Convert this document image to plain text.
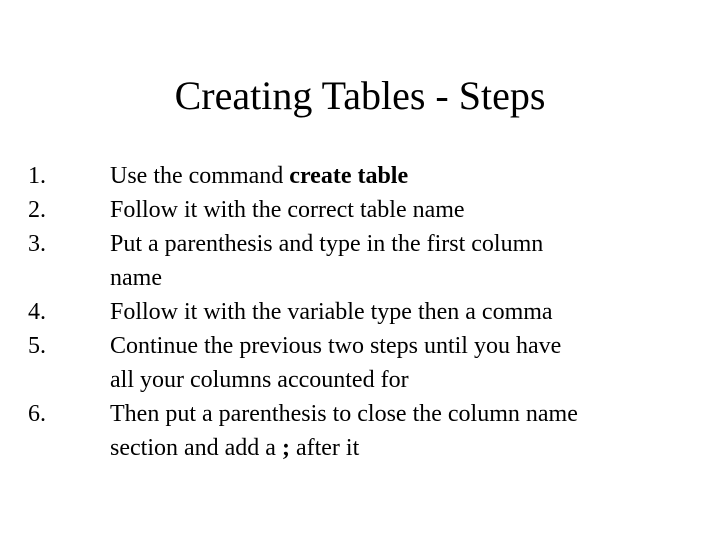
Creating Tables - Steps
1.	Use the command create table
2.	Follow it with the correct table name
3.	Put a parenthesis and type in the first column
name
4.	Follow it with the variable type then a comma
5.	Continue the previous two steps until you have
all your columns accounted for
6.	Then put a parenthesis to close the column name
section and add a ; after it
